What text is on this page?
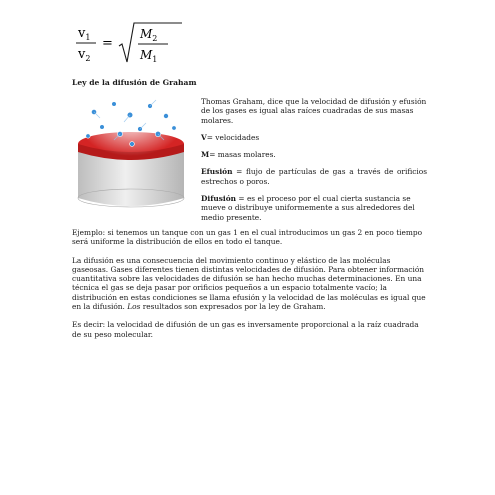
$v_1$
$v_2$
=
$M_2$
$M_1$
Ley de la difusión de Graham

Thomas Graham, dice que la velocidad de difusión y efusión de los gases es igual alas raíces cuadradas de sus masas molares.

V= velocidades

M= masas molares.

Efusión = flujo de partículas de gas a través de orificios estrechos o poros.

Difusión = es el proceso por el cual cierta sustancia se mueve o distribuye uniformemente a sus alrededores del medio presente.

Ejemplo: si tenemos un tanque con un gas 1 en el cual introducimos un gas 2 en poco tiempo será uniforme la distribución de ellos en todo el tanque.

La difusión es una consecuencia del movimiento continuo y elástico de las moléculas gaseosas. Gases diferentes tienen distintas velocidades de difusión. Para obtener información cuantitativa sobre las velocidades de difusión se han hecho muchas determinaciones. En una técnica el gas se deja pasar por orificios pequeños a un espacio totalmente vacío; la distribución en estas condiciones se llama efusión y la velocidad de las moléculas es igual que en la difusión. Los resultados son expresados por la ley de Graham.

Es decir: la velocidad de difusión de un gas es inversamente proporcional a la raíz cuadrada de su peso molecular.
